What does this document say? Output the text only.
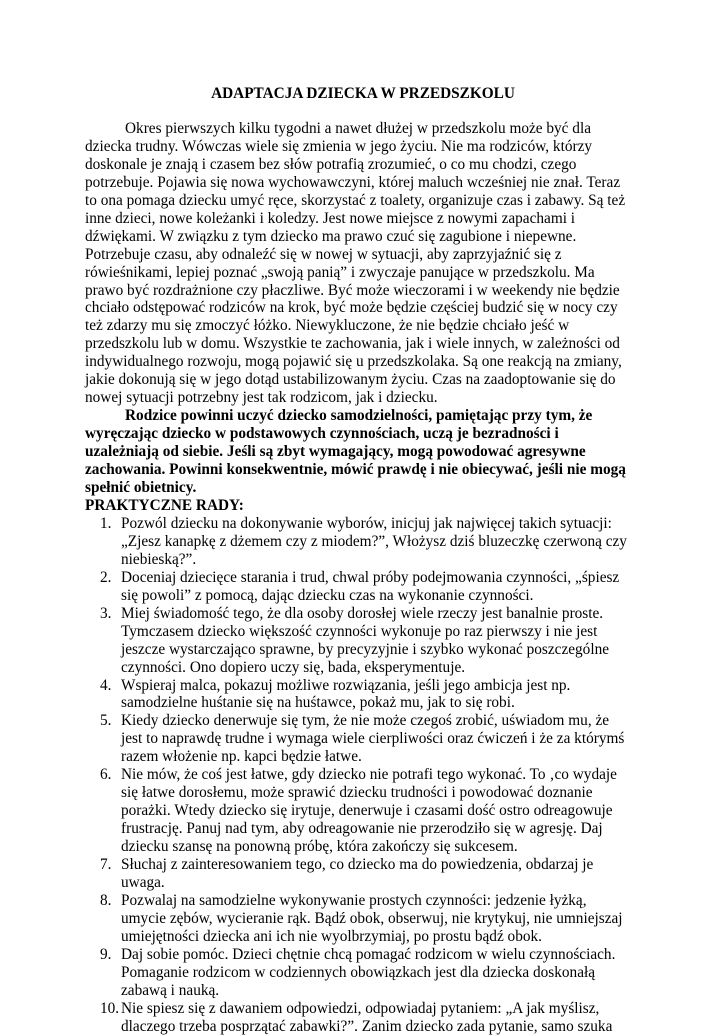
ADAPTACJA DZIECKA W PRZEDSZKOLU

Okres pierwszych kilku tygodni a nawet dłużej w przedszkolu może być dla dziecka trudny. Wówczas wiele się zmienia w jego życiu. Nie ma rodziców, którzy doskonale je znają i czasem bez słów potrafią zrozumieć, o co mu chodzi, czego potrzebuje. Pojawia się nowa wychowawczyni, której maluch wcześniej nie znał. Teraz to ona pomaga dziecku umyć ręce, skorzystać z toalety, organizuje czas i zabawy. Są też inne dzieci, nowe koleżanki i koledzy. Jest nowe miejsce z nowymi zapachami i dźwiękami. W związku z tym dziecko ma prawo czuć się zagubione i niepewne. Potrzebuje czasu, aby odnaleźć się w nowej w sytuacji, aby zaprzyjaźnić się z rówieśnikami, lepiej poznać „swoją panią” i zwyczaje panujące w przedszkolu. Ma prawo być rozdrażnione czy płaczliwe. Być może wieczorami i w weekendy nie będzie chciało odstępować rodziców na krok, być może będzie częściej budzić się w nocy czy też zdarzy mu się zmoczyć łóżko. Niewykluczone, że nie będzie chciało jeść w przedszkolu lub w domu. Wszystkie te zachowania, jak i wiele innych, w zależności od indywidualnego rozwoju, mogą pojawić się u przedszkolaka. Są one reakcją na zmiany, jakie dokonują się w jego dotąd ustabilizowanym życiu. Czas na zaadoptowanie się do nowej sytuacji potrzebny jest tak rodzicom, jak i dziecku.

Rodzice powinni uczyć dziecko samodzielności, pamiętając przy tym, że wyręczając dziecko w podstawowych czynnościach, uczą je bezradności i uzależniają od siebie. Jeśli są zbyt wymagający, mogą powodować agresywne zachowania. Powinni konsekwentnie, mówić prawdę i nie obiecywać, jeśli nie mogą spełnić obietnicy.

PRAKTYCZNE RADY:
1. Pozwól dziecku na dokonywanie wyborów, inicjuj jak najwięcej takich sytuacji: „Zjesz kanapkę z dżemem czy z miodem?”, Włożysz dziś bluzeczkę czerwoną czy niebieską?”.
2. Doceniaj dziecięce starania i trud, chwal próby podejmowania czynności, „śpiesz się powoli” z pomocą, dając dziecku czas na wykonanie czynności.
3. Miej świadomość tego, że dla osoby dorosłej wiele rzeczy jest banalnie proste. Tymczasem dziecko większość czynności wykonuje po raz pierwszy i nie jest jeszcze wystarczająco sprawne, by precyzyjnie i szybko wykonać poszczególne czynności. Ono dopiero uczy się, bada, eksperymentuje.
4. Wspieraj malca, pokazuj możliwe rozwiązania, jeśli jego ambicja jest np. samodzielne huśtanie się na huśtawce, pokaż mu, jak to się robi.
5. Kiedy dziecko denerwuje się tym, że nie może czegoś zrobić, uświadom mu, że jest to naprawdę trudne i wymaga wiele cierpliwości oraz ćwiczeń i że za którymś razem włożenie np. kapci będzie łatwe.
6. Nie mów, że coś jest łatwe, gdy dziecko nie potrafi tego wykonać. To ‚co wydaje się łatwe dorosłemu, może sprawić dziecku trudności i powodować doznanie porażki. Wtedy dziecko się irytuje, denerwuje i czasami dość ostro odreagowuje frustrację. Panuj nad tym, aby odreagowanie nie przerodziło się w agresję. Daj dziecku szansę na ponowną próbę, która zakończy się sukcesem.
7. Słuchaj z zainteresowaniem tego, co dziecko ma do powiedzenia, obdarzaj je uwaga.
8. Pozwalaj na samodzielne wykonywanie prostych czynności: jedzenie łyżką, umycie zębów, wycieranie rąk. Bądź obok, obserwuj, nie krytykuj, nie umniejszaj umiejętności dziecka ani ich nie wyolbrzymiaj, po prostu bądź obok.
9. Daj sobie pomóc. Dzieci chętnie chcą pomagać rodzicom w wielu czynnościach. Pomaganie rodzicom w codziennych obowiązkach jest dla dziecka doskonałą zabawą i nauką.
10. Nie spiesz się z dawaniem odpowiedzi, odpowiadaj pytaniem: „A jak myślisz, dlaczego trzeba posprzątać zabawki?”. Zanim dziecko zada pytanie, samo szuka
